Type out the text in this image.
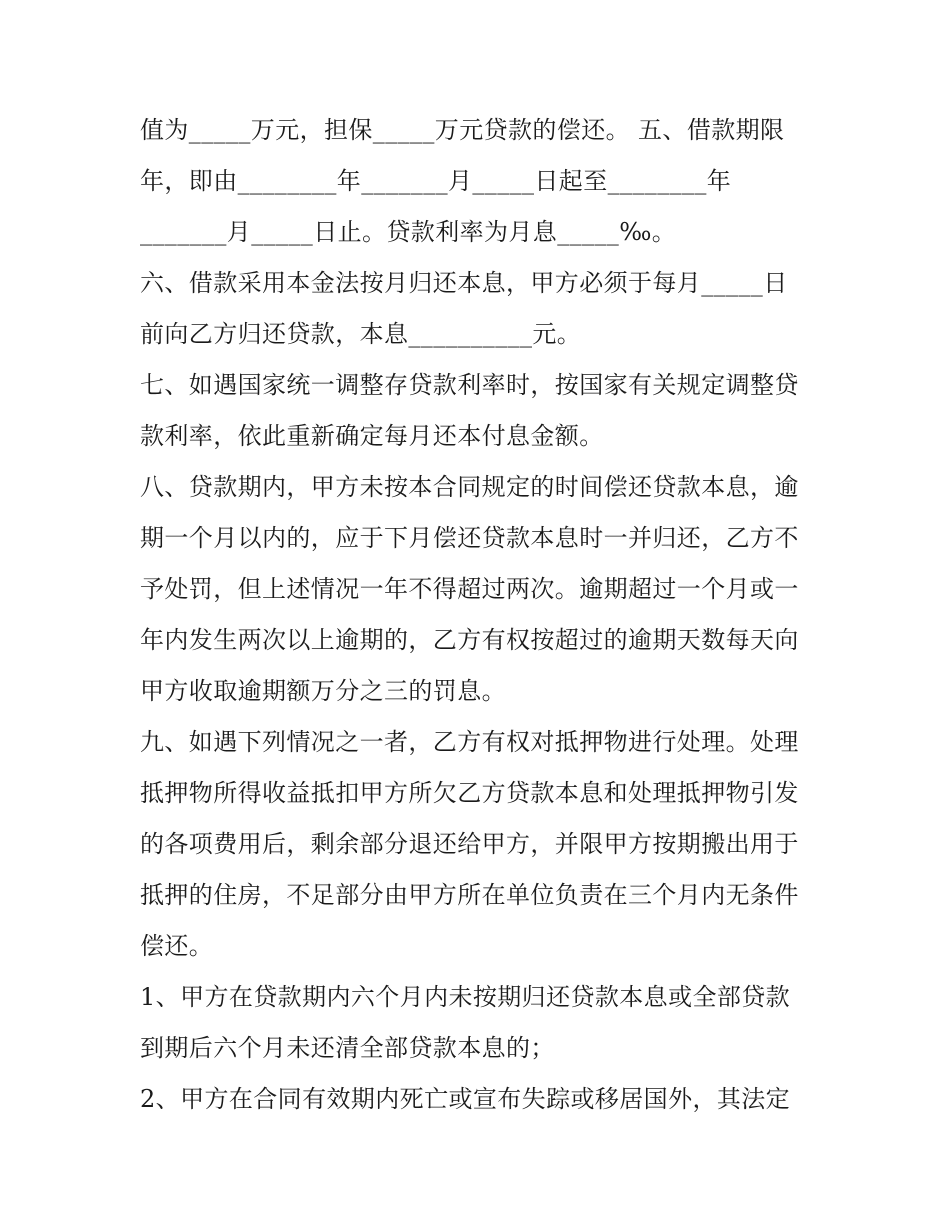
值为_____万元，担保_____万元贷款的偿还。 五、借款期限
年，即由________年_______月_____日起至________年
_______月_____日止。贷款利率为月息_____‰。
六、借款采用本金法按月归还本息，甲方必须于每月_____日
前向乙方归还贷款，本息__________元。
七、如遇国家统一调整存贷款利率时，按国家有关规定调整贷
款利率，依此重新确定每月还本付息金额。
八、贷款期内，甲方未按本合同规定的时间偿还贷款本息，逾
期一个月以内的，应于下月偿还贷款本息时一并归还，乙方不
予处罚，但上述情况一年不得超过两次。逾期超过一个月或一
年内发生两次以上逾期的，乙方有权按超过的逾期天数每天向
甲方收取逾期额万分之三的罚息。
九、如遇下列情况之一者，乙方有权对抵押物进行处理。处理
抵押物所得收益抵扣甲方所欠乙方贷款本息和处理抵押物引发
的各项费用后，剩余部分退还给甲方，并限甲方按期搬出用于
抵押的住房，不足部分由甲方所在单位负责在三个月内无条件
偿还。
1、甲方在贷款期内六个月内未按期归还贷款本息或全部贷款
到期后六个月未还清全部贷款本息的；
2、甲方在合同有效期内死亡或宣布失踪或移居国外，其法定
